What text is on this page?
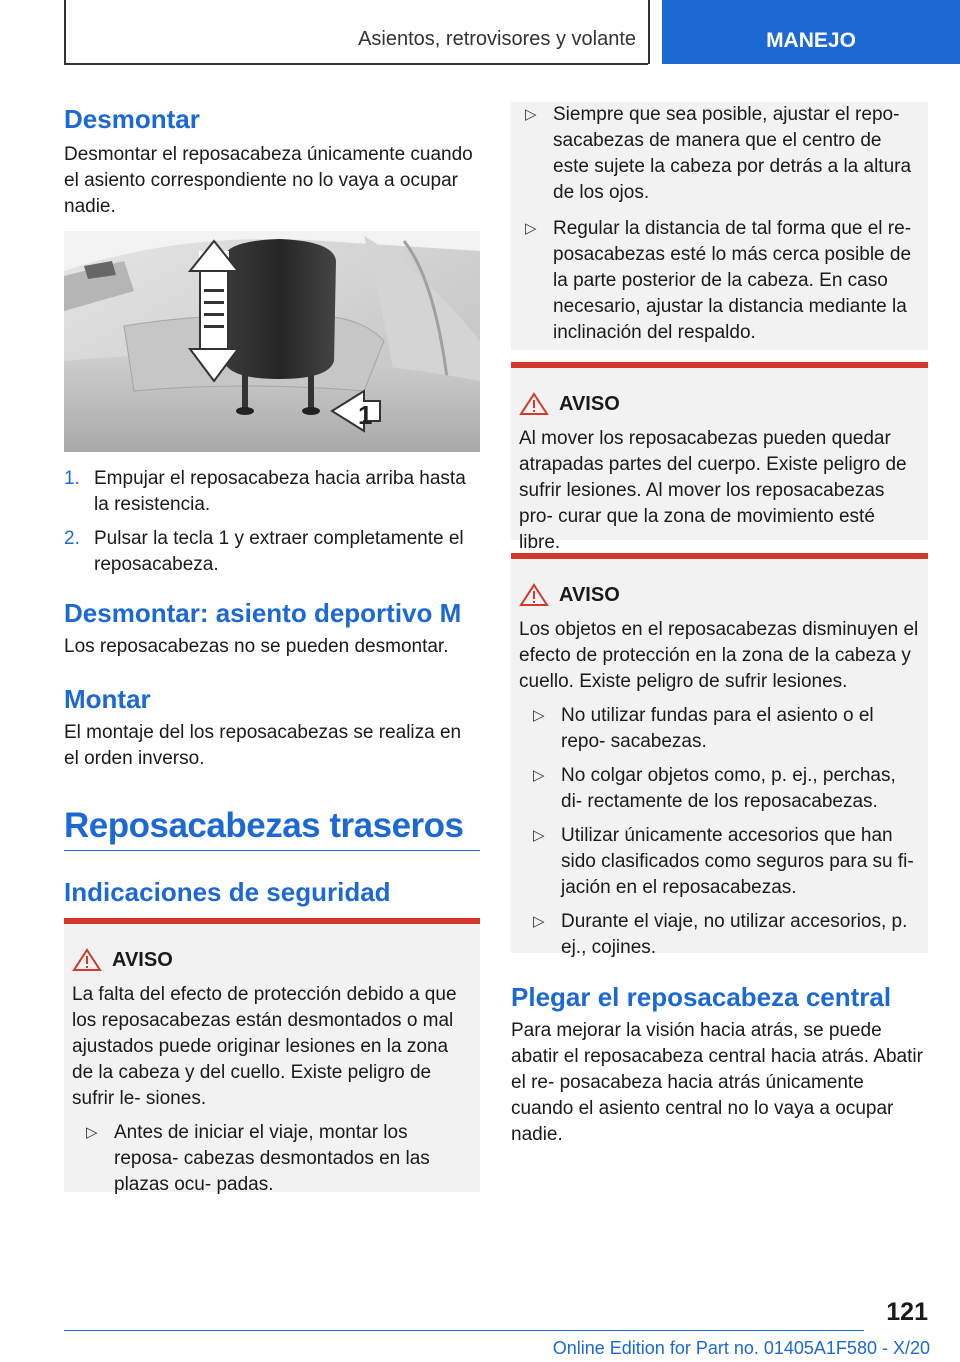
Asientos, retrovisores y volante	MANEJO
Desmontar

Desmontar el reposacabeza únicamente cuando el asiento correspondiente no lo vaya a ocupar nadie.

1
1. Empujar el reposacabeza hacia arriba hasta la resistencia.
2. Pulsar la tecla 1 y extraer completamente el reposacabeza.
Desmontar: asiento deportivo M

Los reposacabezas no se pueden desmontar.

Montar

El montaje del los reposacabezas se realiza en el orden inverso.

Reposacabezas traseros
Indicaciones de seguridad
AVISO

La falta del efecto de protección debido a que los reposacabezas están desmontados o mal ajustados puede originar lesiones en la zona de la cabeza y del cuello. Existe peligro de sufrir le- siones.

▷ Antes de iniciar el viaje, montar los reposa- cabezas desmontados en las plazas ocu- padas.
▷ Siempre que sea posible, ajustar el repo- sacabezas de manera que el centro de este sujete la cabeza por detrás a la altura de los ojos.
▷ Regular la distancia de tal forma que el re- posacabezas esté lo más cerca posible de la parte posterior de la cabeza. En caso necesario, ajustar la distancia mediante la inclinación del respaldo.
AVISO

Al mover los reposacabezas pueden quedar atrapadas partes del cuerpo. Existe peligro de sufrir lesiones. Al mover los reposacabezas pro- curar que la zona de movimiento esté libre.

AVISO

Los objetos en el reposacabezas disminuyen el efecto de protección en la zona de la cabeza y cuello. Existe peligro de sufrir lesiones.

▷ No utilizar fundas para el asiento o el repo- sacabezas.
▷ No colgar objetos como, p. ej., perchas, di- rectamente de los reposacabezas.
▷ Utilizar únicamente accesorios que han sido clasificados como seguros para su fi- jación en el reposacabezas.
▷ Durante el viaje, no utilizar accesorios, p. ej., cojines.
Plegar el reposacabeza central

Para mejorar la visión hacia atrás, se puede abatir el reposacabeza central hacia atrás. Abatir el re- posacabeza hacia atrás únicamente cuando el asiento central no lo vaya a ocupar nadie.

121
Online Edition for Part no. 01405A1F580 - X/20
